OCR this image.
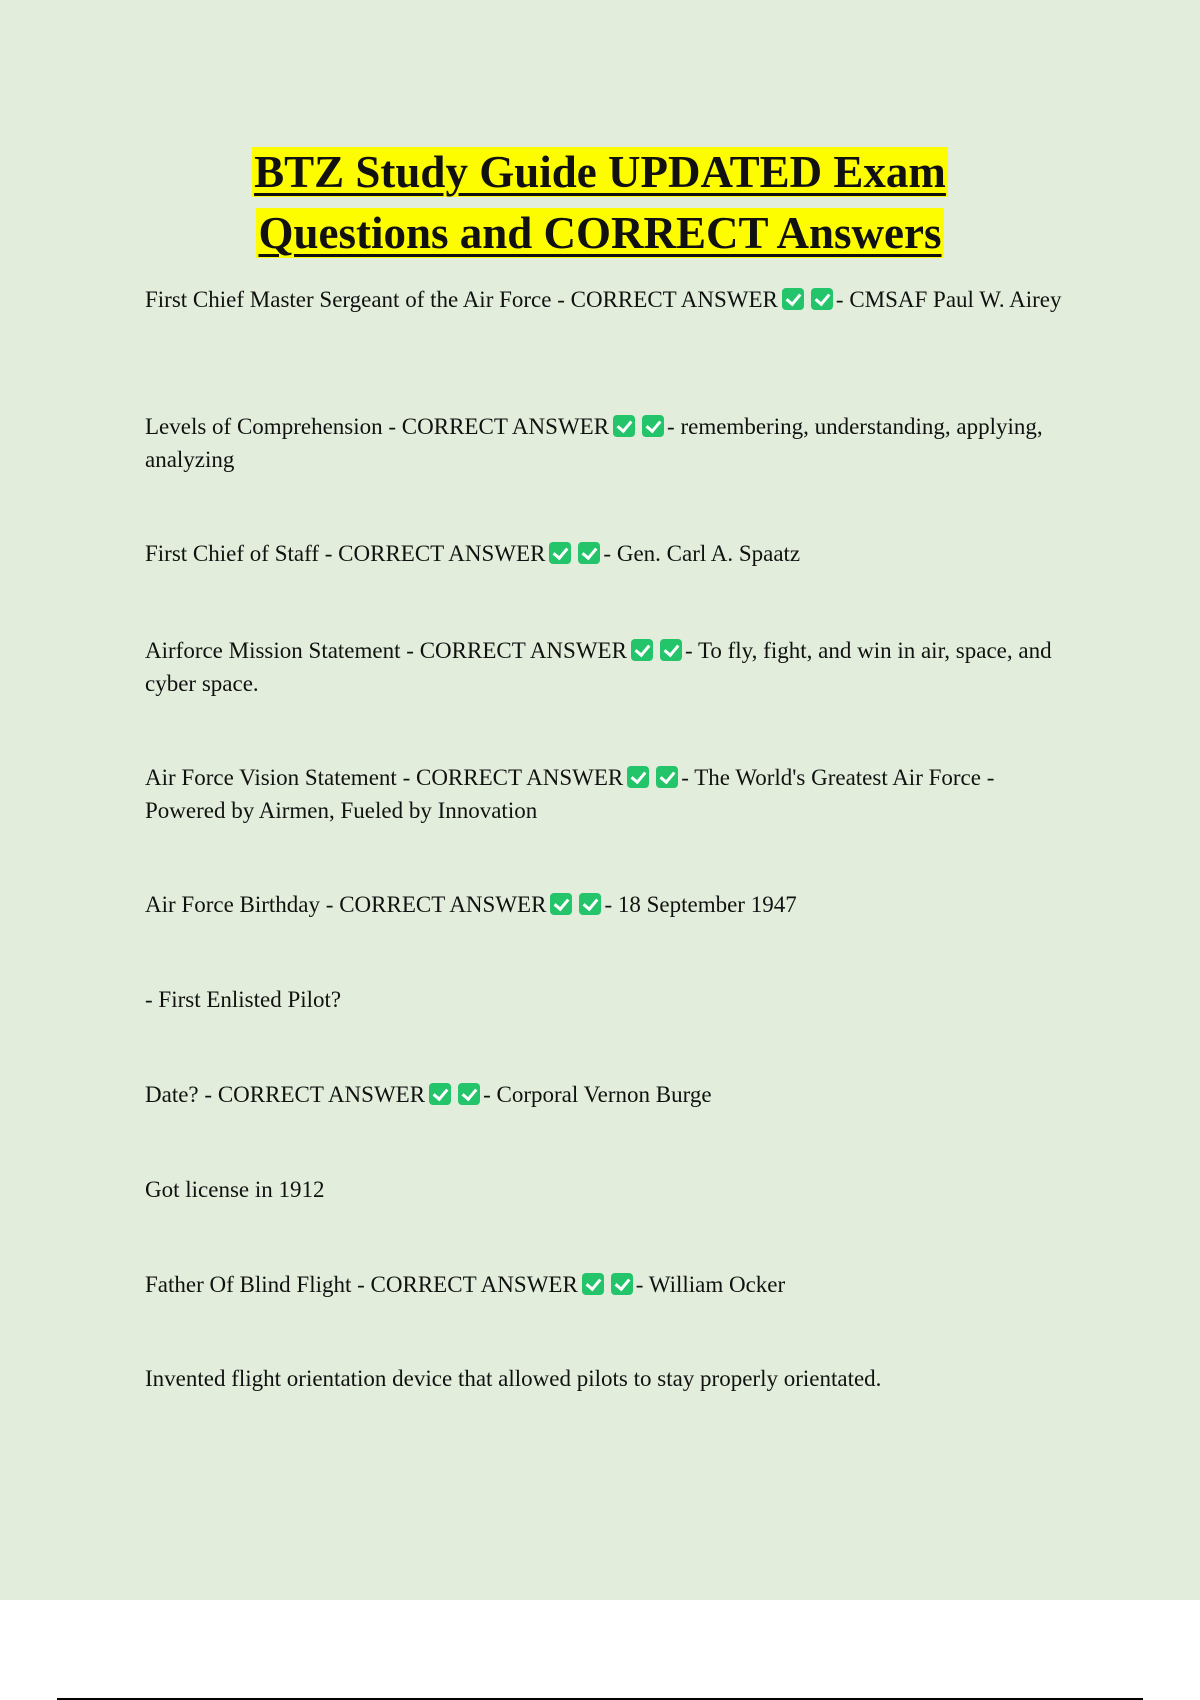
BTZ Study Guide UPDATED Exam
Questions and CORRECT Answers

First Chief Master Sergeant of the Air Force - CORRECT ANSWER	- CMSAF Paul W. Airey

Levels of Comprehension - CORRECT ANSWER	- remembering, understanding, applying, analyzing

First Chief of Staff - CORRECT ANSWER	- Gen. Carl A. Spaatz

Airforce Mission Statement - CORRECT ANSWER	- To fly, fight, and win in air, space, and cyber space.

Air Force Vision Statement - CORRECT ANSWER	- The World's Greatest Air Force - Powered by Airmen, Fueled by Innovation

Air Force Birthday - CORRECT ANSWER	- 18 September 1947

- First Enlisted Pilot?

Date? - CORRECT ANSWER	- Corporal Vernon Burge

Got license in 1912

Father Of Blind Flight - CORRECT ANSWER	- William Ocker

Invented flight orientation device that allowed pilots to stay properly orientated.
